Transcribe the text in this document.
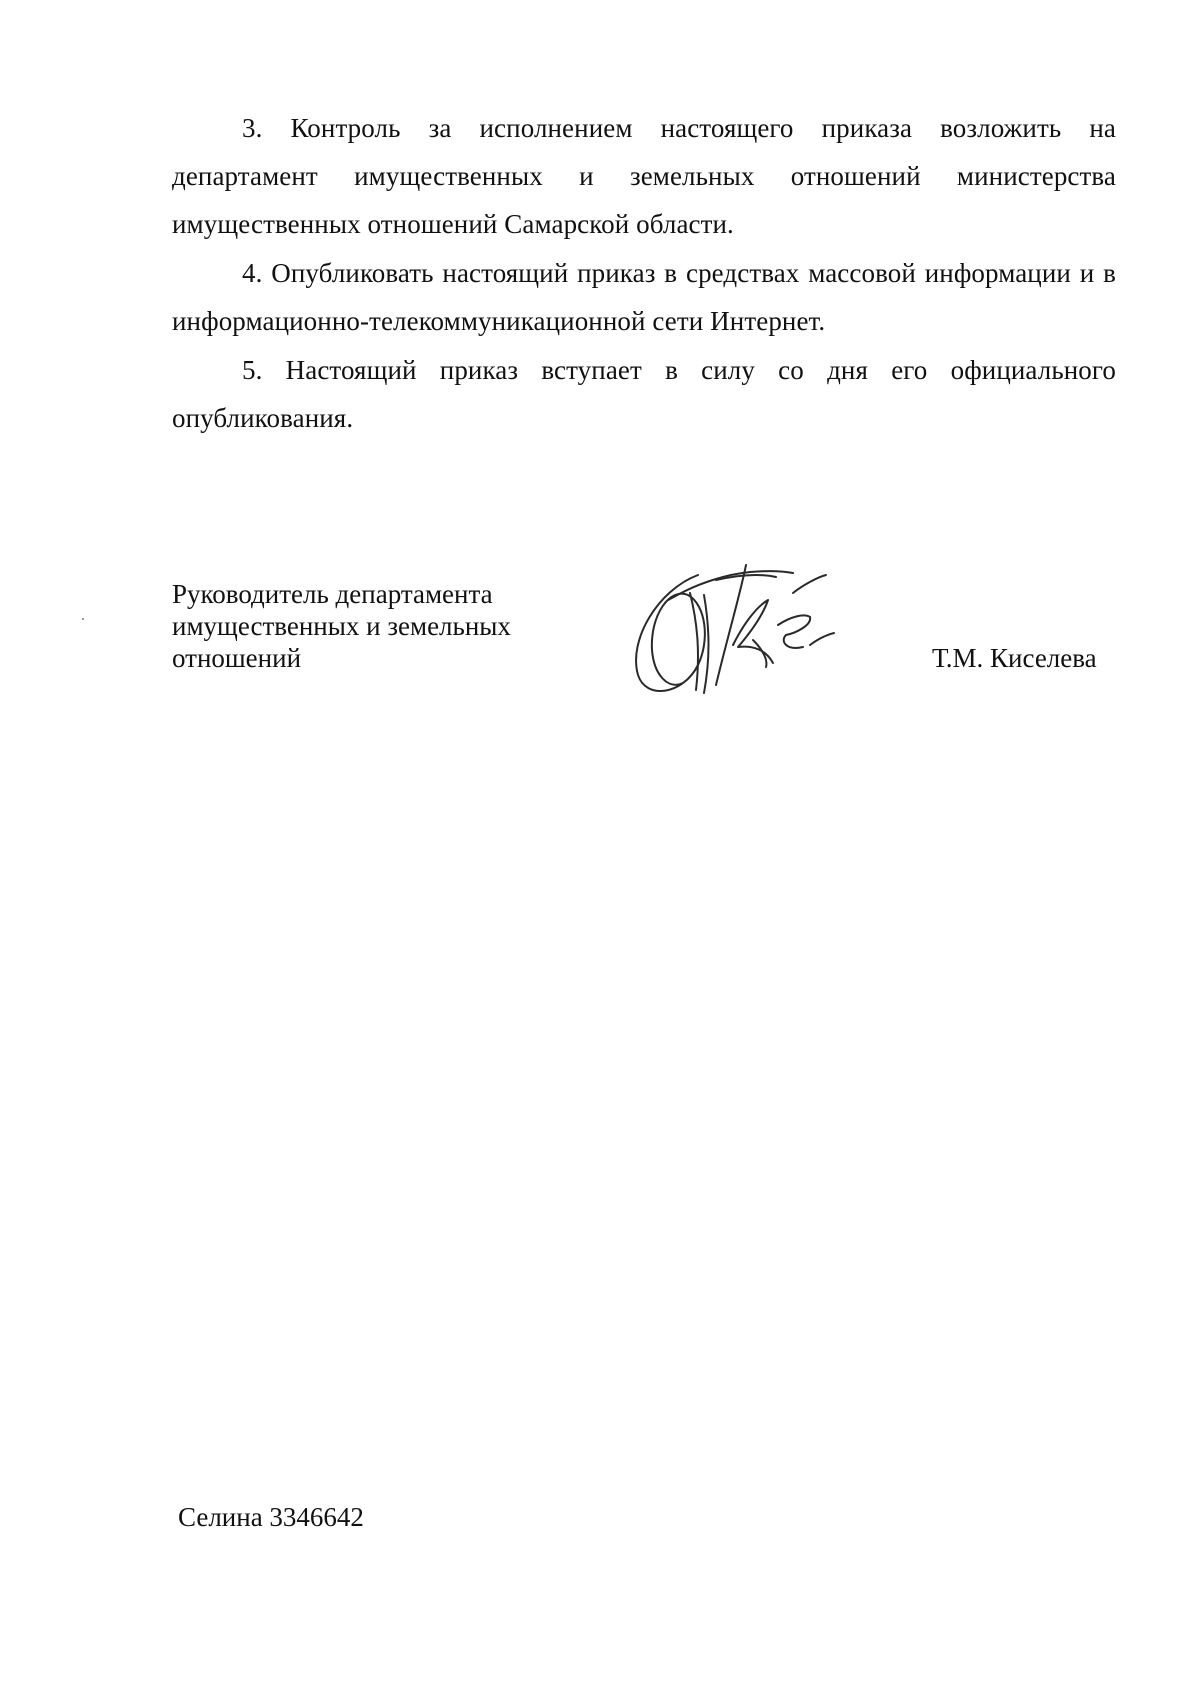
3. Контроль за исполнением настоящего приказа возложить на департамент имущественных и земельных отношений министерства имущественных отношений Самарской области.

4. Опубликовать настоящий приказ в средствах массовой информации и в информационно-телекоммуникационной сети Интернет.

5. Настоящий приказ вступает в силу со дня его официального опубликования.

Руководитель департамента
имущественных и земельных
отношений	Т.М. Киселева
Селина 3346642
